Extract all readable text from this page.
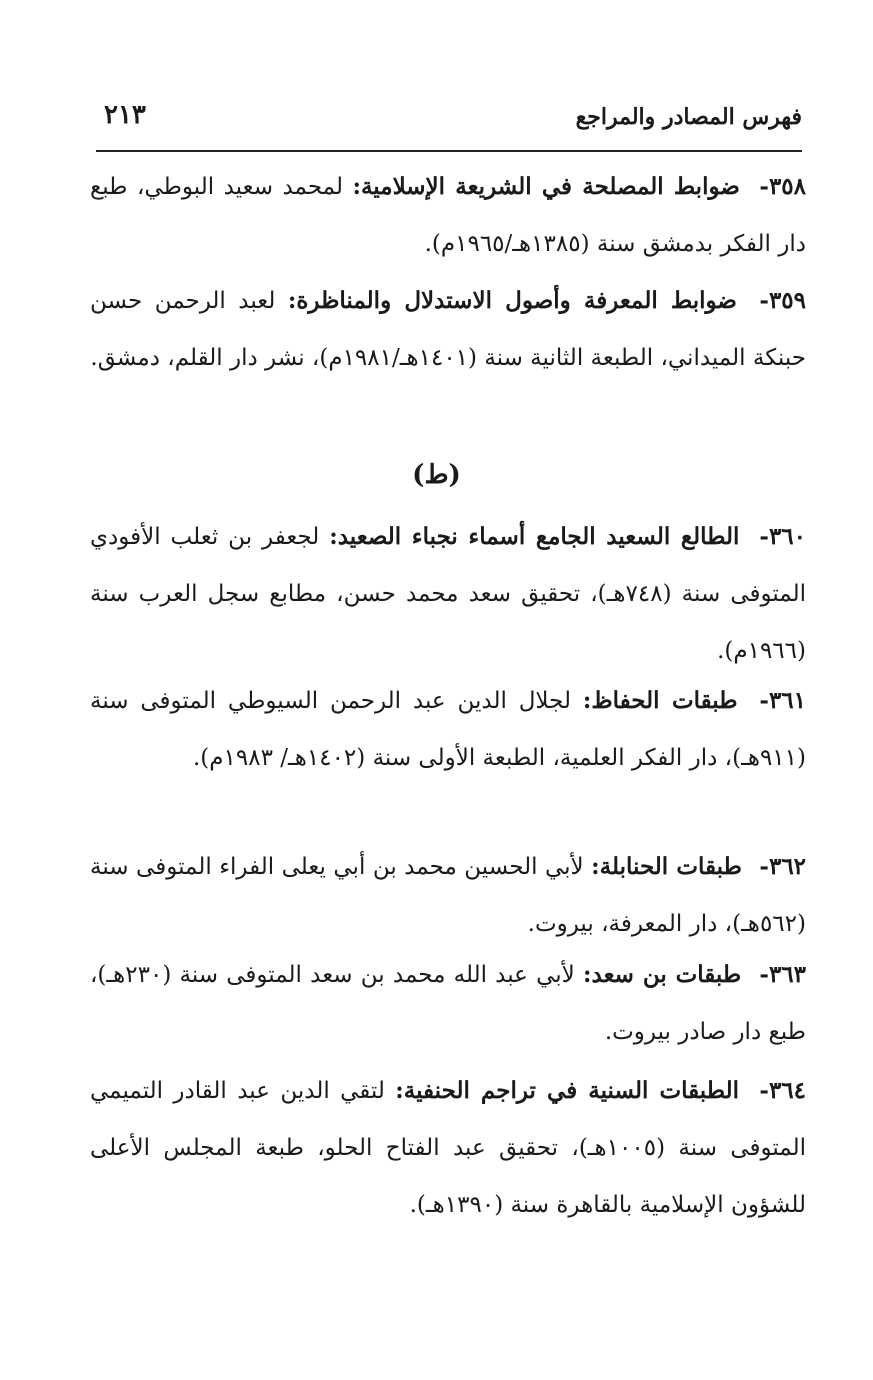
فهرس المصادر والمراجع
٢١٣
٣٥٨- ضوابط المصلحة في الشريعة الإسلامية: لمحمد سعيد البوطي، طبع دار الفكر بدمشق سنة (١٣٨٥هـ/١٩٦٥م).
٣٥٩- ضوابط المعرفة وأصول الاستدلال والمناظرة: لعبد الرحمن حسن حبنكة الميداني، الطبعة الثانية سنة (١٤٠١هـ/١٩٨١م)، نشر دار القلم، دمشق.
(ط)
٣٦٠- الطالع السعيد الجامع أسماء نجباء الصعيد: لجعفر بن ثعلب الأفودي المتوفى سنة (٧٤٨هـ)، تحقيق سعد محمد حسن، مطابع سجل العرب سنة (١٩٦٦م).
٣٦١- طبقات الحفاظ: لجلال الدين عبد الرحمن السيوطي المتوفى سنة (٩١١هـ)، دار الفكر العلمية، الطبعة الأولى سنة (١٤٠٢هـ/ ١٩٨٣م).
٣٦٢- طبقات الحنابلة: لأبي الحسين محمد بن أبي يعلى الفراء المتوفى سنة (٥٦٢هـ)، دار المعرفة، بيروت.
٣٦٣- طبقات بن سعد: لأبي عبد الله محمد بن سعد المتوفى سنة (٢٣٠هـ)، طبع دار صادر بيروت.
٣٦٤- الطبقات السنية في تراجم الحنفية: لتقي الدين عبد القادر التميمي المتوفى سنة (١٠٠٥هـ)، تحقيق عبد الفتاح الحلو، طبعة المجلس الأعلى للشؤون الإسلامية بالقاهرة سنة (١٣٩٠هـ).
